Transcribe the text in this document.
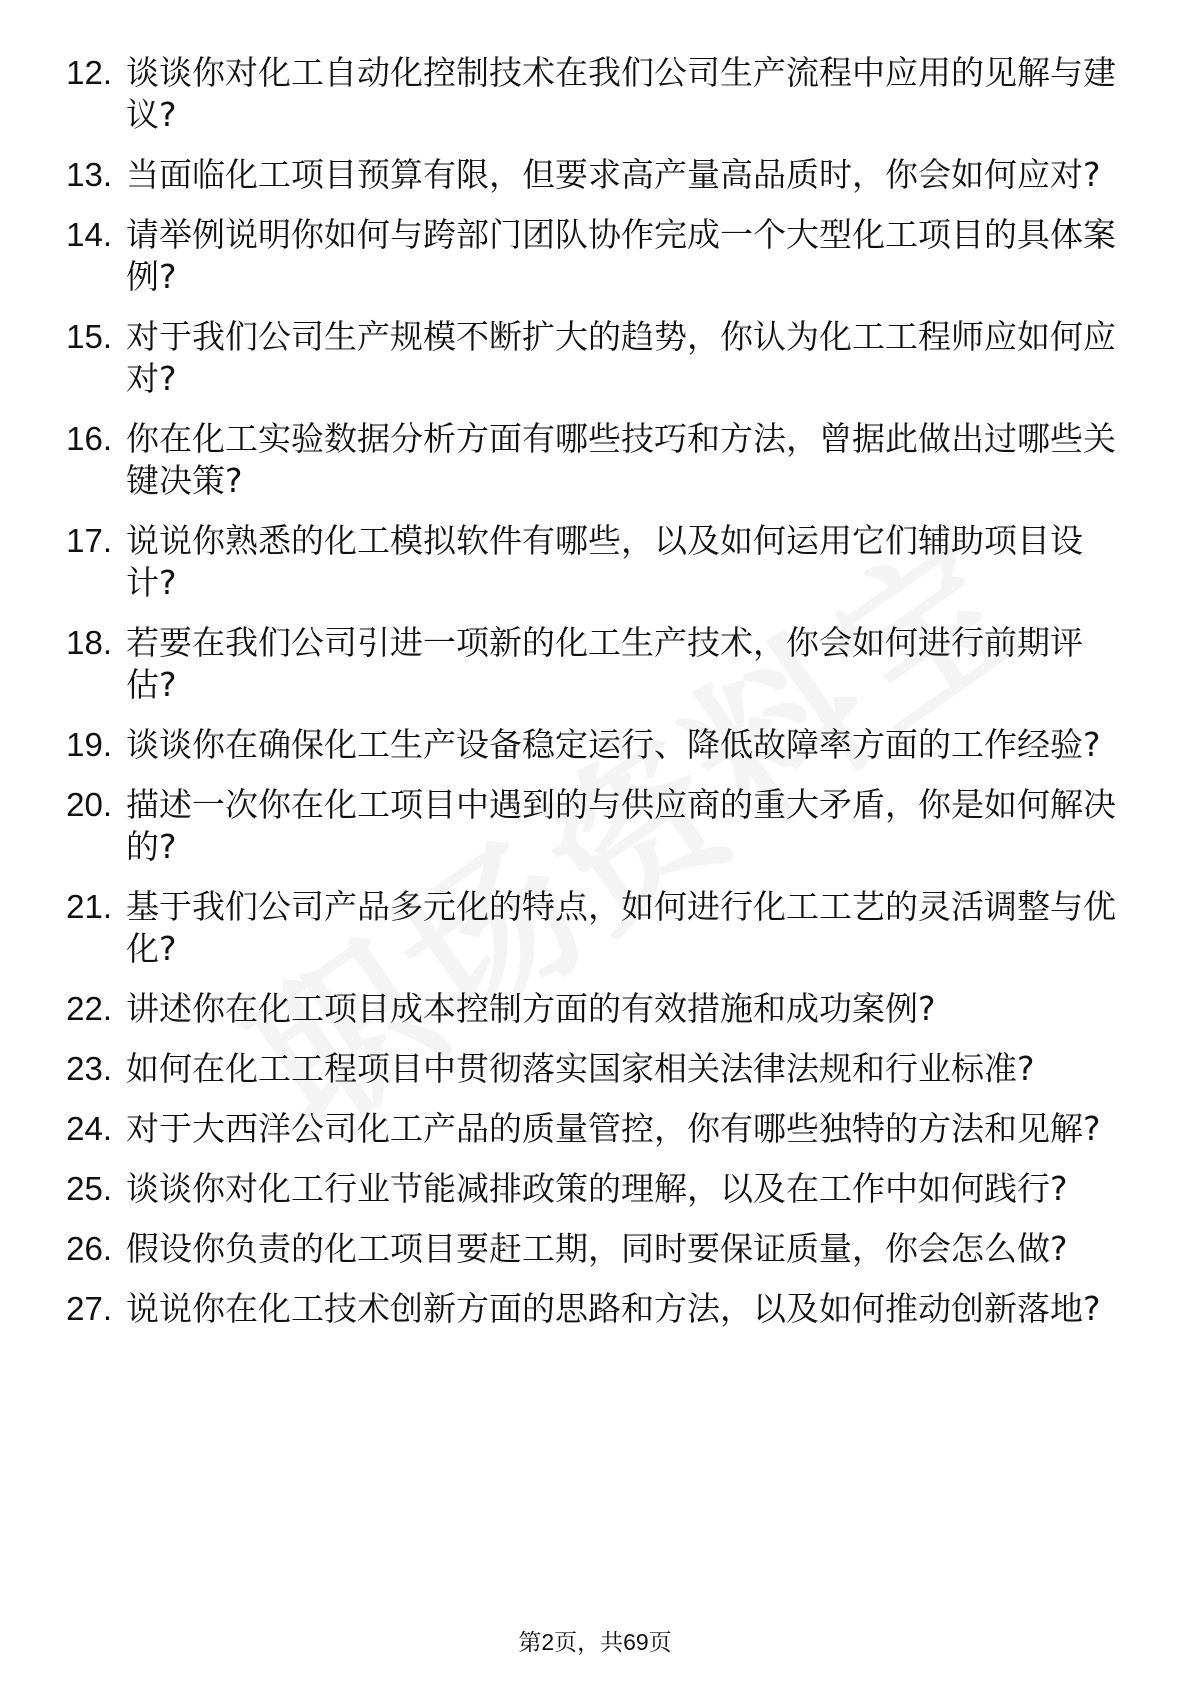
12. 谈谈你对化工自动化控制技术在我们公司生产流程中应用的见解与建议?
13. 当面临化工项目预算有限，但要求高产量高品质时，你会如何应对?
14. 请举例说明你如何与跨部门团队协作完成一个大型化工项目的具体案例?
15. 对于我们公司生产规模不断扩大的趋势，你认为化工工程师应如何应对?
16. 你在化工实验数据分析方面有哪些技巧和方法，曾据此做出过哪些关键决策?
17. 说说你熟悉的化工模拟软件有哪些，以及如何运用它们辅助项目设计?
18. 若要在我们公司引进一项新的化工生产技术，你会如何进行前期评估?
19. 谈谈你在确保化工生产设备稳定运行、降低故障率方面的工作经验?
20. 描述一次你在化工项目中遇到的与供应商的重大矛盾，你是如何解决的?
21. 基于我们公司产品多元化的特点，如何进行化工工艺的灵活调整与优化?
22. 讲述你在化工项目成本控制方面的有效措施和成功案例?
23. 如何在化工工程项目中贯彻落实国家相关法律法规和行业标准?
24. 对于大西洋公司化工产品的质量管控，你有哪些独特的方法和见解?
25. 谈谈你对化工行业节能减排政策的理解，以及在工作中如何践行?
26. 假设你负责的化工项目要赶工期，同时要保证质量，你会怎么做?
27. 说说你在化工技术创新方面的思路和方法，以及如何推动创新落地?
第2页，共69页
